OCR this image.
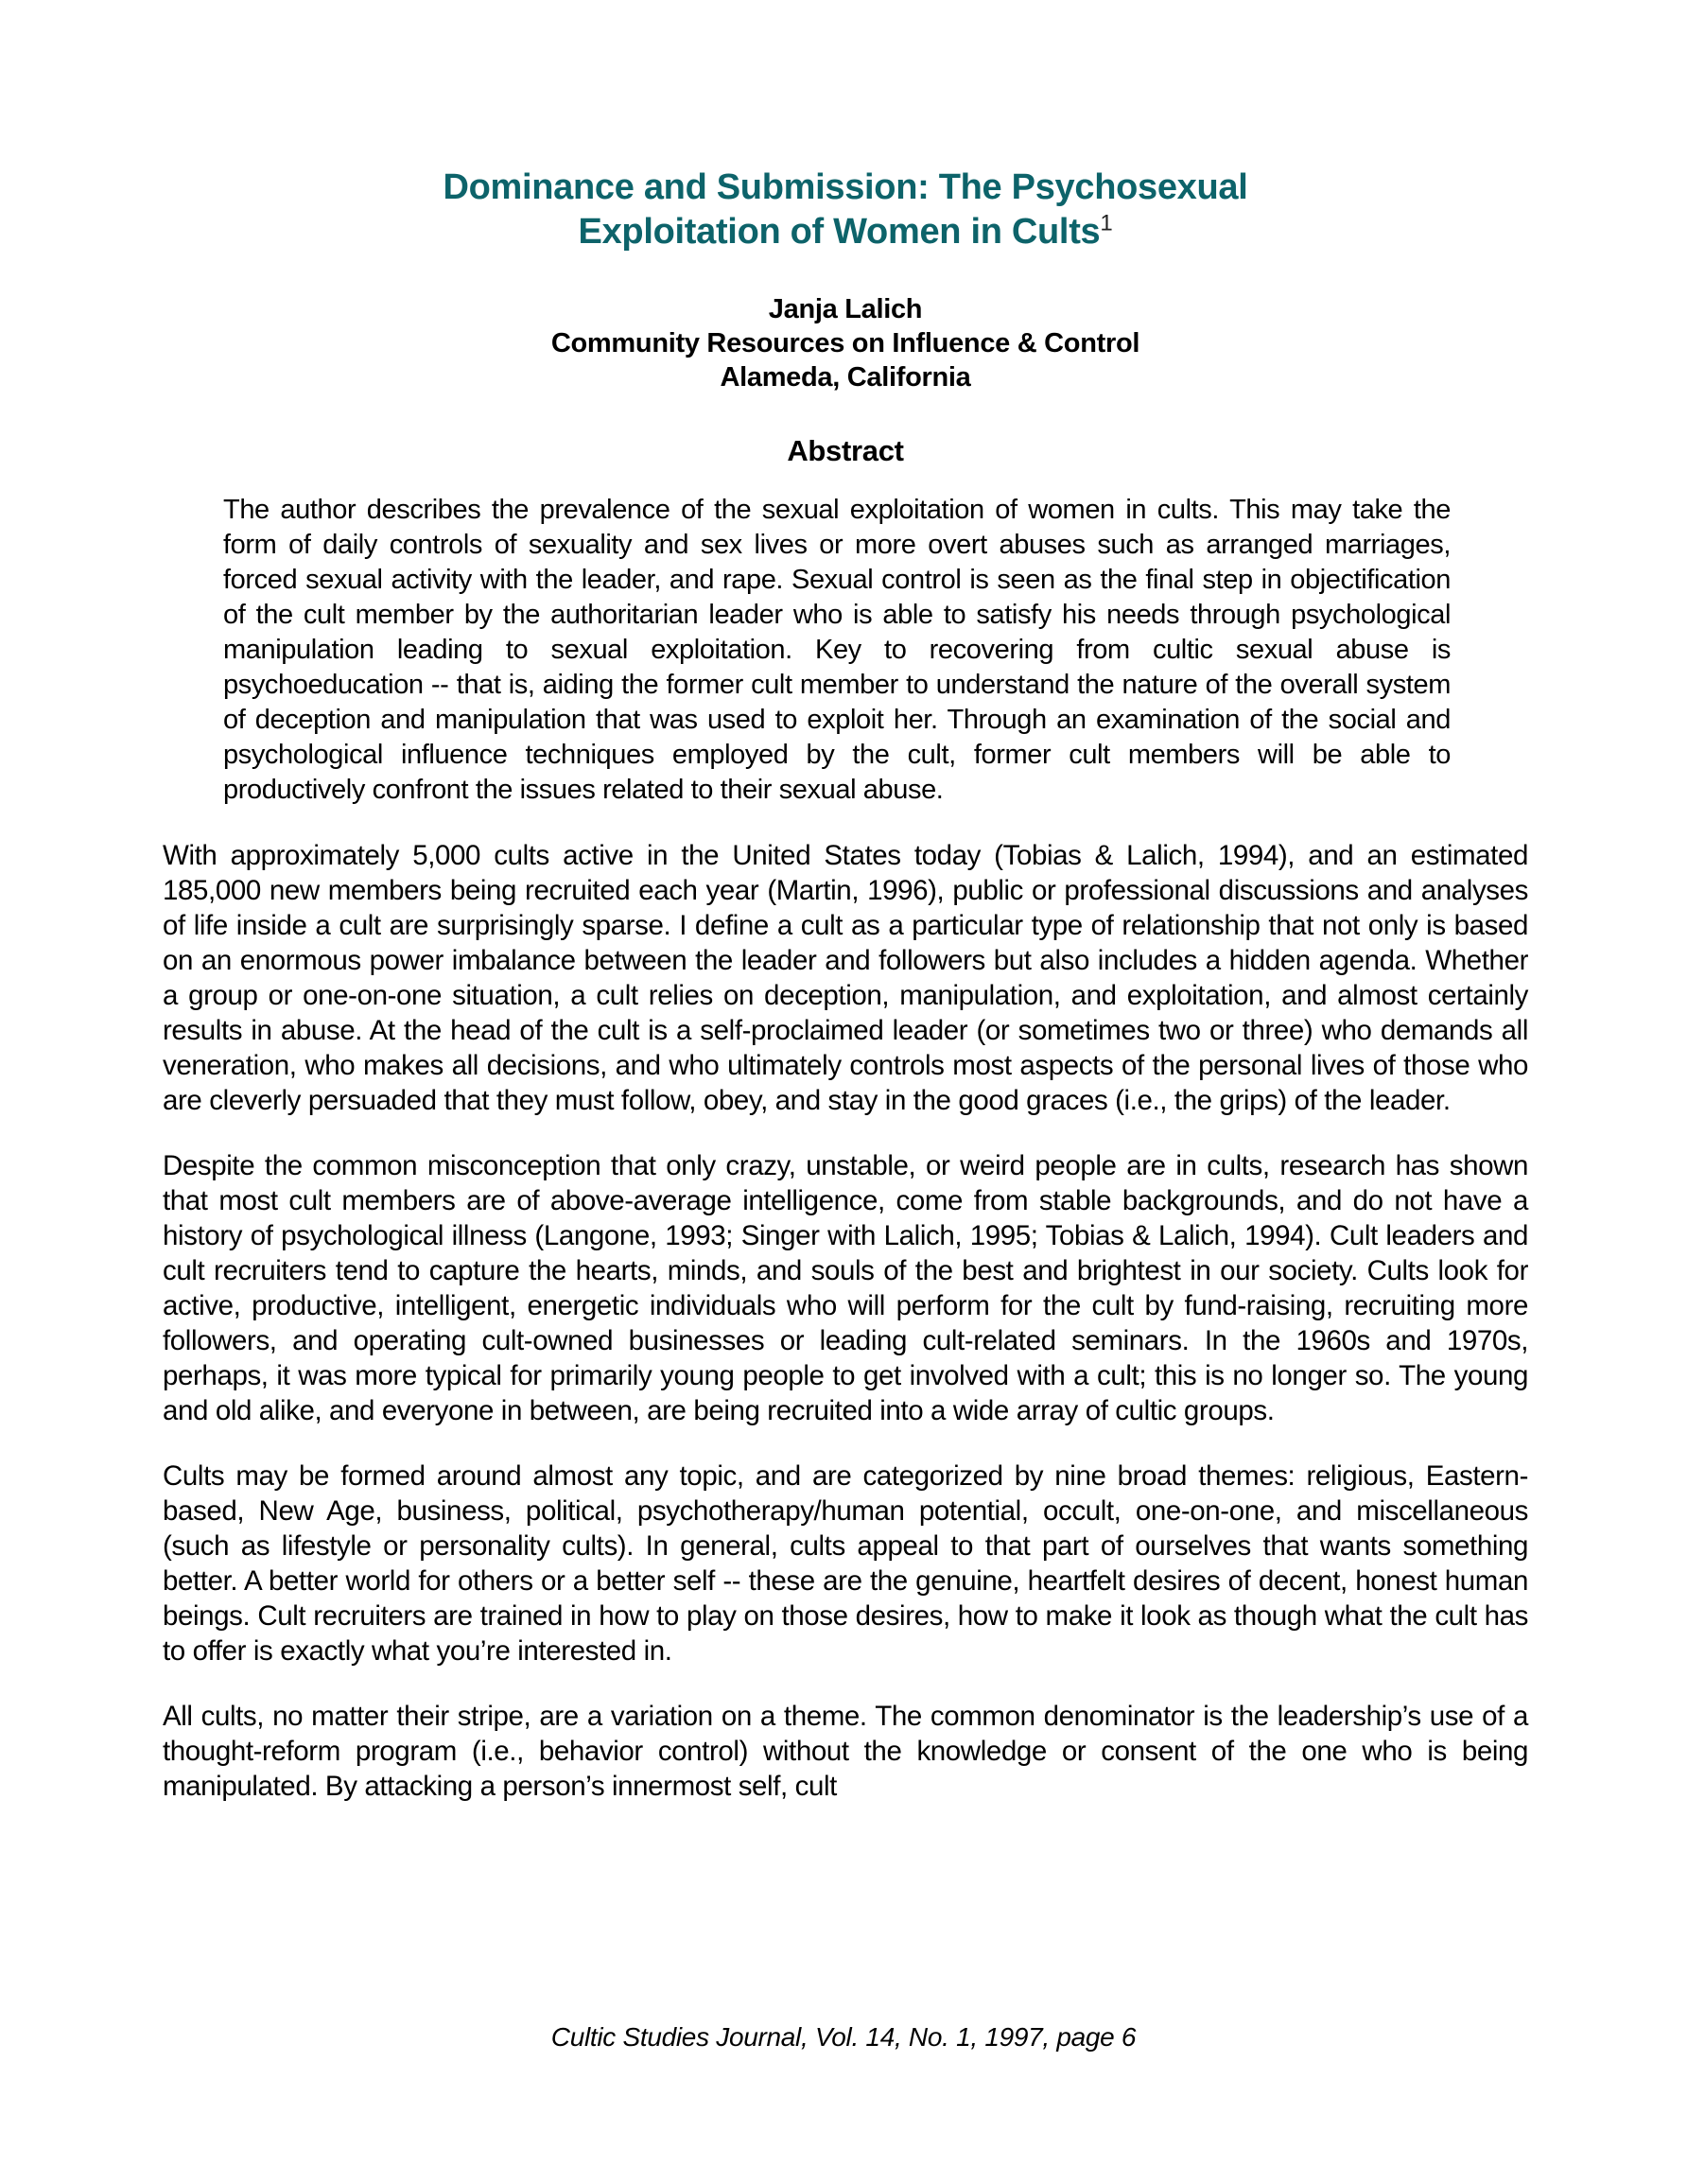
Dominance and Submission: The Psychosexual
Exploitation of Women in Cults$^1$
Janja Lalich
Community Resources on Influence & Control
Alameda, California
Abstract

The author describes the prevalence of the sexual exploitation of women in cults. This may take the form of daily controls of sexuality and sex lives or more overt abuses such as arranged marriages, forced sexual activity with the leader, and rape. Sexual control is seen as the final step in objectification of the cult member by the authoritarian leader who is able to satisfy his needs through psychological manipulation leading to sexual exploitation. Key to recovering from cultic sexual abuse is psychoeducation -- that is, aiding the former cult member to understand the nature of the overall system of deception and manipulation that was used to exploit her. Through an examination of the social and psychological influence techniques employed by the cult, former cult members will be able to productively confront the issues related to their sexual abuse.

With approximately 5,000 cults active in the United States today (Tobias & Lalich, 1994), and an estimated 185,000 new members being recruited each year (Martin, 1996), public or professional discussions and analyses of life inside a cult are surprisingly sparse. I define a cult as a particular type of relationship that not only is based on an enormous power imbalance between the leader and followers but also includes a hidden agenda. Whether a group or one-on-one situation, a cult relies on deception, manipulation, and exploitation, and almost certainly results in abuse. At the head of the cult is a self-proclaimed leader (or sometimes two or three) who demands all veneration, who makes all decisions, and who ultimately controls most aspects of the personal lives of those who are cleverly persuaded that they must follow, obey, and stay in the good graces (i.e., the grips) of the leader.

Despite the common misconception that only crazy, unstable, or weird people are in cults, research has shown that most cult members are of above-average intelligence, come from stable backgrounds, and do not have a history of psychological illness (Langone, 1993; Singer with Lalich, 1995; Tobias & Lalich, 1994). Cult leaders and cult recruiters tend to capture the hearts, minds, and souls of the best and brightest in our society. Cults look for active, productive, intelligent, energetic individuals who will perform for the cult by fund-raising, recruiting more followers, and operating cult-owned businesses or leading cult-related seminars. In the 1960s and 1970s, perhaps, it was more typical for primarily young people to get involved with a cult; this is no longer so. The young and old alike, and everyone in between, are being recruited into a wide array of cultic groups.

Cults may be formed around almost any topic, and are categorized by nine broad themes: religious, Eastern-based, New Age, business, political, psychotherapy/human potential, occult, one-on-one, and miscellaneous (such as lifestyle or personality cults). In general, cults appeal to that part of ourselves that wants something better. A better world for others or a better self -- these are the genuine, heartfelt desires of decent, honest human beings. Cult recruiters are trained in how to play on those desires, how to make it look as though what the cult has to offer is exactly what you’re interested in.

All cults, no matter their stripe, are a variation on a theme. The common denominator is the leadership’s use of a thought-reform program (i.e., behavior control) without the knowledge or consent of the one who is being manipulated. By attacking a person’s innermost self, cult

Cultic Studies Journal, Vol. 14, No. 1, 1997, page 6
